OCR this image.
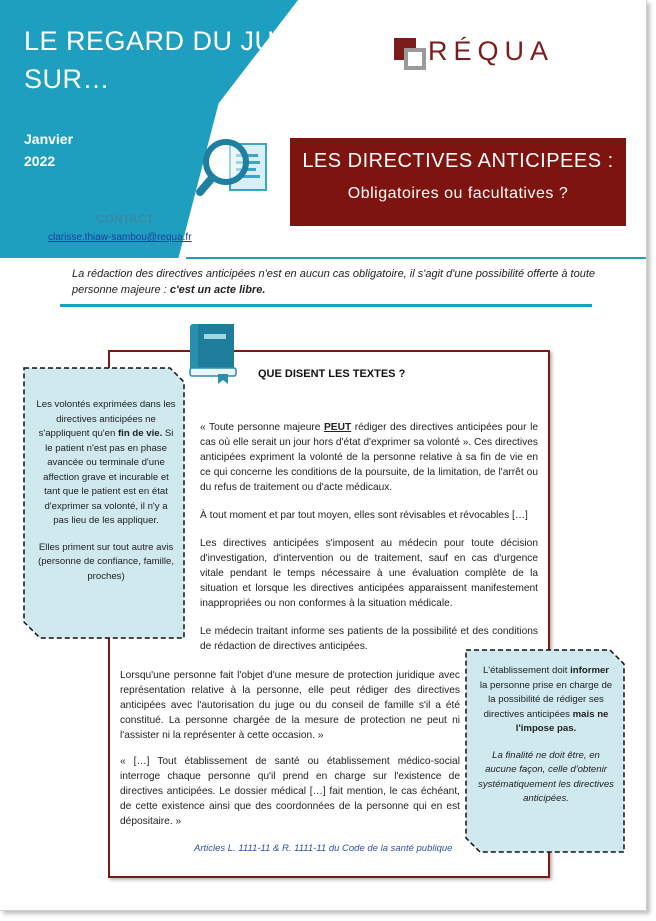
LE REGARD DU JURISTE
SUR…
Janvier
2022
RÉQUA
CONTACT
clarisse.thiaw-sambou@requa.fr
LES DIRECTIVES ANTICIPEES :
Obligatoires ou facultatives ?
La rédaction des directives anticipées n'est en aucun cas obligatoire, il s'agit d'une possibilité offerte à toute personne majeure : c'est un acte libre.
QUE DISENT LES TEXTES ?

« Toute personne majeure PEUT rédiger des directives anticipées pour le cas où elle serait un jour hors d'état d'exprimer sa volonté ». Ces directives anticipées expriment la volonté de la personne relative à sa fin de vie en ce qui concerne les conditions de la poursuite, de la limitation, de l'arrêt ou du refus de traitement ou d'acte médicaux.

À tout moment et par tout moyen, elles sont révisables et révocables […]

Les directives anticipées s'imposent au médecin pour toute décision d'investigation, d'intervention ou de traitement, sauf en cas d'urgence vitale pendant le temps nécessaire à une évaluation complète de la situation et lorsque les directives anticipées apparaissent manifestement inappropriées ou non conformes à la situation médicale.

Le médecin traitant informe ses patients de la possibilité et des conditions de rédaction de directives anticipées.

Lorsqu'une personne fait l'objet d'une mesure de protection juridique avec représentation relative à la personne, elle peut rédiger des directives anticipées avec l'autorisation du juge ou du conseil de famille s'il a été constitué. La personne chargée de la mesure de protection ne peut ni l'assister ni la représenter à cette occasion. »

« […] Tout établissement de santé ou établissement médico-social interroge chaque personne qu'il prend en charge sur l'existence de directives anticipées. Le dossier médical […] fait mention, le cas échéant, de cette existence ainsi que des coordonnées de la personne qui en est dépositaire. »

Articles L. 1111-11 & R. 1111-11 du Code de la santé publique

Les volontés exprimées dans les directives anticipées ne s'appliquent qu'en fin de vie. Si le patient n'est pas en phase avancée ou terminale d'une affection grave et incurable et tant que le patient est en état d'exprimer sa volonté, il n'y a pas lieu de les appliquer.

Elles priment sur tout autre avis (personne de confiance, famille, proches)

L'établissement doit informer la personne prise en charge de la possibilité de rédiger ses directives anticipées mais ne l'impose pas.

La finalité ne doit être, en aucune façon, celle d'obtenir systématiquement les directives anticipées.
